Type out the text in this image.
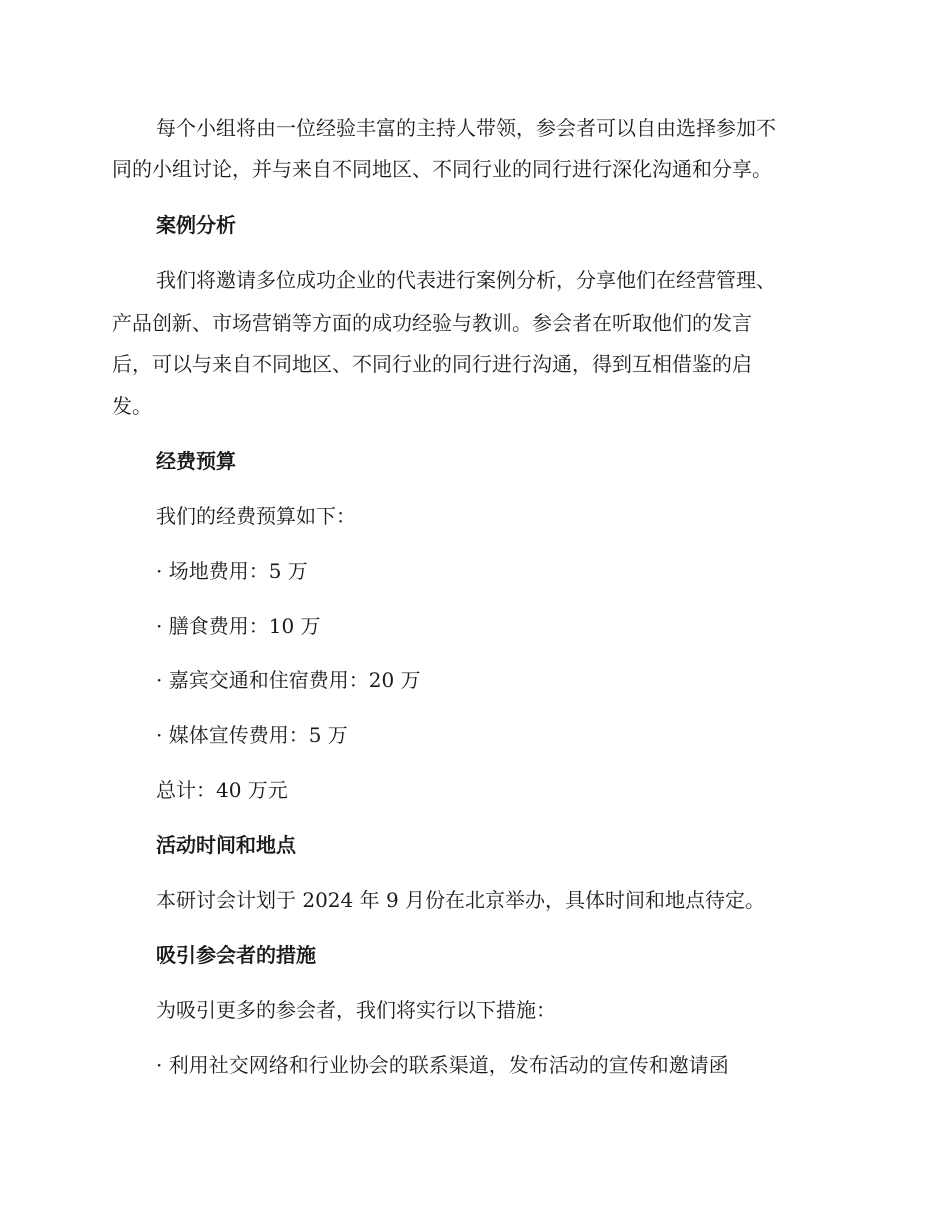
每个小组将由一位经验丰富的主持人带领，参会者可以自由选择参加不

同的小组讨论，并与来自不同地区、不同行业的同行进行深化沟通和分享。

案例分析

我们将邀请多位成功企业的代表进行案例分析，分享他们在经营管理、

产品创新、市场营销等方面的成功经验与教训。参会者在听取他们的发言

后，可以与来自不同地区、不同行业的同行进行沟通，得到互相借鉴的启

发。

经费预算

我们的经费预算如下：

· 场地费用：5 万

· 膳食费用：10 万

· 嘉宾交通和住宿费用：20 万

· 媒体宣传费用：5 万

总计：40 万元

活动时间和地点

本研讨会计划于 2024 年 9 月份在北京举办，具体时间和地点待定。

吸引参会者的措施

为吸引更多的参会者，我们将实行以下措施：

· 利用社交网络和行业协会的联系渠道，发布活动的宣传和邀请函
